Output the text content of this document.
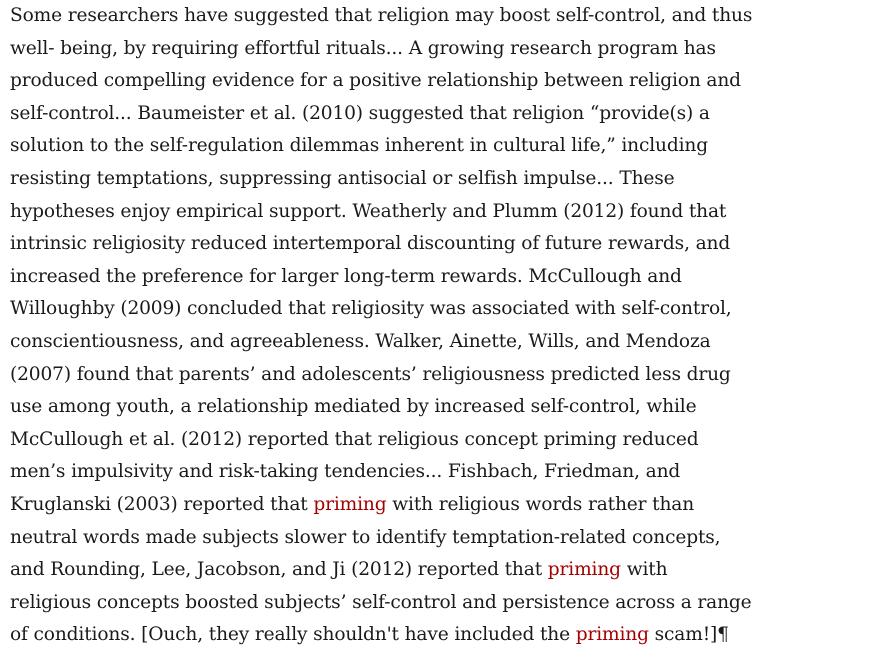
Some researchers have suggested that religion may boost self-control, and thus
well- being, by requiring effortful rituals... A growing research program has
produced compelling evidence for a positive relationship between religion and
self-control... Baumeister et al. (2010) suggested that religion “provide(s) a
solution to the self-regulation dilemmas inherent in cultural life,” including
resisting temptations, suppressing antisocial or selfish impulse... These
hypotheses enjoy empirical support. Weatherly and Plumm (2012) found that
intrinsic religiosity reduced intertemporal discounting of future rewards, and
increased the preference for larger long-term rewards. McCullough and
Willoughby (2009) concluded that religiosity was associated with self-control,
conscientiousness, and agreeableness. Walker, Ainette, Wills, and Mendoza
(2007) found that parents’ and adolescents’ religiousness predicted less drug
use among youth, a relationship mediated by increased self-control, while
McCullough et al. (2012) reported that religious concept priming reduced
men’s impulsivity and risk-taking tendencies... Fishbach, Friedman, and
Kruglanski (2003) reported that priming with religious words rather than
neutral words made subjects slower to identify temptation-related concepts,
and Rounding, Lee, Jacobson, and Ji (2012) reported that priming with
religious concepts boosted subjects’ self-control and persistence across a range
of conditions. [Ouch, they really shouldn't have included the priming scam!]¶
